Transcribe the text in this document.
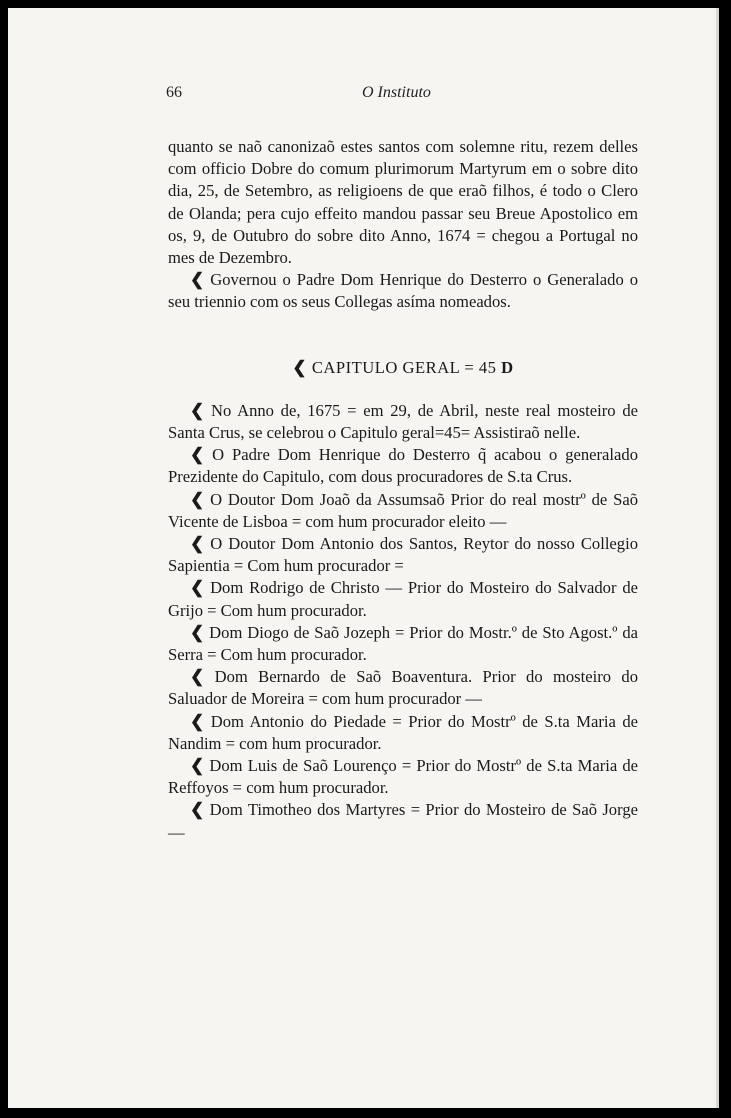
66	O Instituto

quanto se naõ canonizaõ estes santos com solemne ritu, rezem delles com officio Dobre do comum plurimorum Martyrum em o sobre dito dia, 25, de Setembro, as religioens de que eraõ filhos, é todo o Clero de Olanda; pera cujo effeito mandou passar seu Breue Apostolico em os, 9, de Outubro do sobre dito Anno, 1674 = chegou a Portugal no mes de Dezembro.

❮ Governou o Padre Dom Henrique do Desterro o Generalado o seu triennio com os seus Collegas asíma nomeados.

❮ CAPITULO GERAL = 45 D

❮ No Anno de, 1675 = em 29, de Abril, neste real mosteiro de Santa Crus, se celebrou o Capitulo geral=45= Assistiraõ nelle.

❮ O Padre Dom Henrique do Desterro q̃ acabou o generalado Prezidente do Capitulo, com dous procuradores de S.ta Crus.

❮ O Doutor Dom Joaõ da Assumsaõ Prior do real mostrº de Saõ Vicente de Lisboa = com hum procurador eleito —

❮ O Doutor Dom Antonio dos Santos, Reytor do nosso Collegio Sapientia = Com hum procurador =

❮ Dom Rodrigo de Christo — Prior do Mosteiro do Salvador de Grijo = Com hum procurador.

❮ Dom Diogo de Saõ Jozeph = Prior do Mostr.º de Sto Agost.º da Serra = Com hum procurador.

❮ Dom Bernardo de Saõ Boaventura. Prior do mosteiro do Saluador de Moreira = com hum procurador —

❮ Dom Antonio do Piedade = Prior do Mostrº de S.ta Maria de Nandim = com hum procurador.

❮ Dom Luis de Saõ Lourenço = Prior do Mostrº de S.ta Maria de Reffoyos = com hum procurador.

❮ Dom Timotheo dos Martyres = Prior do Mosteiro de Saõ Jorge —
